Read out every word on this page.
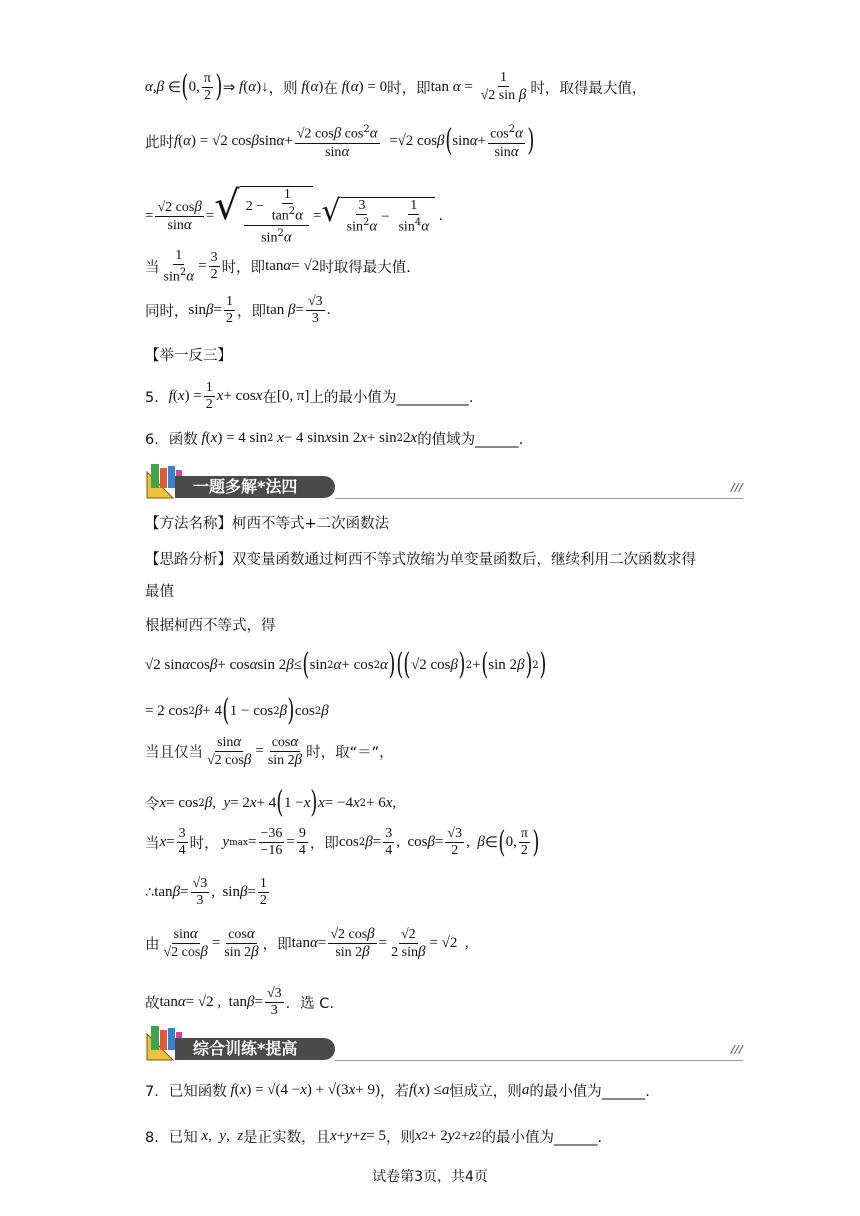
α,β ∈ ( 0, $\frac{\pi}{2}$ ) ⇒ f ( α )↓ ，则 f ( α ) 在 f ( α ) = 0 时，即 $\tan \alpha = \frac{1}{\text{√2 sin β}}$ 时，取得最大值，
此时 f ( α ) = √2 cos β $\sin \alpha + \frac{√2 \cos\beta \cos^2\alpha}{\sin\alpha} =√2$ cos β ( $\sin \alpha + \frac{\cos^2\alpha}{\sin\alpha}$ )
= $\frac{√2 \cos\beta}{\sin\alpha}$ = √ $\frac{2 - \frac{1}{\tan^2\alpha}}{\sin^2\alpha}$ = √ $\frac{3}{\sin^2\alpha} - \frac{1}{\sin^4\alpha}$ .
当 $\frac{1}{\sin^2\alpha} = \frac{3}{2}$ 时，即 tan α = √2 时取得最大值.
同时， $\sin \beta = \frac{1}{2}$ ，即 $\tan \beta = \frac{√3}{3}$ .
【举一反三】
5． f ( x ) = $\frac{1}{2}$ x + cos x 在 [0, π] 上的最小值为__________.
6． 函数 f ( x ) = 4 sin 2 x − 4 sin x sin 2 x + sin 2 2 x 的值域为______.
一题多解*法四	///
【方法名称】柯西不等式+二次函数法
【思路分析】双变量函数通过柯西不等式放缩为单变量函数后，继续利用二次函数求得
最值
根据柯西不等式，得
√2 sin α cos β + cos α sin 2 β ≤ ( sin 2 α + cos 2 α ) ( ( √2 cos β ) 2 + ( sin 2 β ) 2 )
= 2 cos 2 β + 4 ( 1 − cos 2 β ) cos 2 β
当且仅当 $\frac{\sin\alpha}{√2 \cos\beta} = \frac{\cos\alpha}{\sin 2\beta}$ 时，取“＝”，
令 x = cos 2 β , y = 2 x + 4 ( 1 − x ) x = −4 x 2 + 6 x ,
当 $x = \frac{3}{4}$ 时， y $\max = \frac{-36}{-16} = \frac{9}{4}$ ，即 cos 2 $\beta = \frac{3}{4}$ ,  $\cos \beta = \frac{√3}{2}$ , β ∈ ( 0, $\frac{\pi}{2}$ )
∴ $\tan \beta = \frac{√3}{3}$ ,  $\sin \beta = \frac{1}{2}$
由 $\frac{\sin\alpha}{√2 \cos\beta} = \frac{\cos\alpha}{\sin 2\beta}$ ，即 $\tan \alpha = \frac{√2 \cos\beta}{\sin 2\beta} = \frac{√2}{2 \sin\beta} = √2$  ,
故 tan α = √2 ,  $\tan \beta = \frac{√3}{3}$ ．选 C.
综合训练*提高	///
7． 已知函数 f ( x ) = √(4 − x ) + √(3 x + 9) ，若 f ( x ) ≤ a 恒成立，则 a 的最小值为______.
8． 已知 x , y , z 是正实数，且 x + y + z = 5 ，则 x 2 + 2 y 2 + z 2 的最小值为______.
试卷第3页，共4页
